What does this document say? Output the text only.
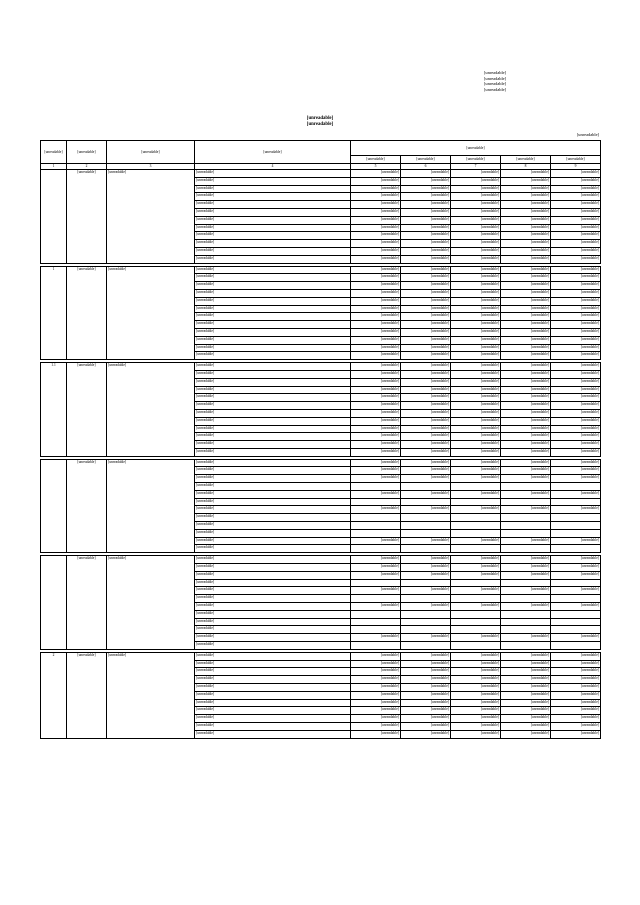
[unreadable]
[unreadable]
[unreadable]
[unreadable]
[unreadable]
[unreadable]
[unreadable]
[unreadable]	[unreadable]	[unreadable]	[unreadable]	[unreadable]				
				[unreadable]	[unreadable]	[unreadable]	[unreadable]	[unreadable]
1	2	3	4	5	6	7	8	9
	[unreadable]	[unreadable]	[unreadable]	[unreadable]	[unreadable]	[unreadable]	[unreadable]	[unreadable]
			[unreadable]	[unreadable]	[unreadable]	[unreadable]	[unreadable]	[unreadable]
			[unreadable]	[unreadable]	[unreadable]	[unreadable]	[unreadable]	[unreadable]
			[unreadable]	[unreadable]	[unreadable]	[unreadable]	[unreadable]	[unreadable]
			[unreadable]	[unreadable]	[unreadable]	[unreadable]	[unreadable]	[unreadable]
			[unreadable]	[unreadable]	[unreadable]	[unreadable]	[unreadable]	[unreadable]
			[unreadable]	[unreadable]	[unreadable]	[unreadable]	[unreadable]	[unreadable]
			[unreadable]	[unreadable]	[unreadable]	[unreadable]	[unreadable]	[unreadable]
			[unreadable]	[unreadable]	[unreadable]	[unreadable]	[unreadable]	[unreadable]
			[unreadable]	[unreadable]	[unreadable]	[unreadable]	[unreadable]	[unreadable]
			[unreadable]	[unreadable]	[unreadable]	[unreadable]	[unreadable]	[unreadable]
			[unreadable]	[unreadable]	[unreadable]	[unreadable]	[unreadable]	[unreadable]

1	[unreadable]	[unreadable]	[unreadable]	[unreadable]	[unreadable]	[unreadable]	[unreadable]	[unreadable]
			[unreadable]	[unreadable]	[unreadable]	[unreadable]	[unreadable]	[unreadable]
			[unreadable]	[unreadable]	[unreadable]	[unreadable]	[unreadable]	[unreadable]
			[unreadable]	[unreadable]	[unreadable]	[unreadable]	[unreadable]	[unreadable]
			[unreadable]	[unreadable]	[unreadable]	[unreadable]	[unreadable]	[unreadable]
			[unreadable]	[unreadable]	[unreadable]	[unreadable]	[unreadable]	[unreadable]
			[unreadable]	[unreadable]	[unreadable]	[unreadable]	[unreadable]	[unreadable]
			[unreadable]	[unreadable]	[unreadable]	[unreadable]	[unreadable]	[unreadable]
			[unreadable]	[unreadable]	[unreadable]	[unreadable]	[unreadable]	[unreadable]
			[unreadable]	[unreadable]	[unreadable]	[unreadable]	[unreadable]	[unreadable]
			[unreadable]	[unreadable]	[unreadable]	[unreadable]	[unreadable]	[unreadable]
			[unreadable]	[unreadable]	[unreadable]	[unreadable]	[unreadable]	[unreadable]

1.1	[unreadable]	[unreadable]	[unreadable]	[unreadable]	[unreadable]	[unreadable]	[unreadable]	[unreadable]
			[unreadable]	[unreadable]	[unreadable]	[unreadable]	[unreadable]	[unreadable]
			[unreadable]	[unreadable]	[unreadable]	[unreadable]	[unreadable]	[unreadable]
			[unreadable]	[unreadable]	[unreadable]	[unreadable]	[unreadable]	[unreadable]
			[unreadable]	[unreadable]	[unreadable]	[unreadable]	[unreadable]	[unreadable]
			[unreadable]	[unreadable]	[unreadable]	[unreadable]	[unreadable]	[unreadable]
			[unreadable]	[unreadable]	[unreadable]	[unreadable]	[unreadable]	[unreadable]
			[unreadable]	[unreadable]	[unreadable]	[unreadable]	[unreadable]	[unreadable]
			[unreadable]	[unreadable]	[unreadable]	[unreadable]	[unreadable]	[unreadable]
			[unreadable]	[unreadable]	[unreadable]	[unreadable]	[unreadable]	[unreadable]
			[unreadable]	[unreadable]	[unreadable]	[unreadable]	[unreadable]	[unreadable]
			[unreadable]	[unreadable]	[unreadable]	[unreadable]	[unreadable]	[unreadable]

	[unreadable]	[unreadable]	[unreadable]	[unreadable]	[unreadable]	[unreadable]	[unreadable]	[unreadable]
			[unreadable]	[unreadable]	[unreadable]	[unreadable]	[unreadable]	[unreadable]
			[unreadable]	[unreadable]	[unreadable]	[unreadable]	[unreadable]	[unreadable]
			[unreadable]					
			[unreadable]	[unreadable]	[unreadable]	[unreadable]	[unreadable]	[unreadable]
			[unreadable]					
			[unreadable]	[unreadable]	[unreadable]	[unreadable]	[unreadable]	[unreadable]
			[unreadable]					
			[unreadable]					
			[unreadable]					
			[unreadable]	[unreadable]	[unreadable]	[unreadable]	[unreadable]	[unreadable]
			[unreadable]					

	[unreadable]	[unreadable]	[unreadable]	[unreadable]	[unreadable]	[unreadable]	[unreadable]	[unreadable]
			[unreadable]	[unreadable]	[unreadable]	[unreadable]	[unreadable]	[unreadable]
			[unreadable]	[unreadable]	[unreadable]	[unreadable]	[unreadable]	[unreadable]
			[unreadable]					
			[unreadable]	[unreadable]	[unreadable]	[unreadable]	[unreadable]	[unreadable]
			[unreadable]					
			[unreadable]	[unreadable]	[unreadable]	[unreadable]	[unreadable]	[unreadable]
			[unreadable]					
			[unreadable]					
			[unreadable]					
			[unreadable]	[unreadable]	[unreadable]	[unreadable]	[unreadable]	[unreadable]
			[unreadable]					

2	[unreadable]	[unreadable]	[unreadable]	[unreadable]	[unreadable]	[unreadable]	[unreadable]	[unreadable]
			[unreadable]	[unreadable]	[unreadable]	[unreadable]	[unreadable]	[unreadable]
			[unreadable]	[unreadable]	[unreadable]	[unreadable]	[unreadable]	[unreadable]
			[unreadable]	[unreadable]	[unreadable]	[unreadable]	[unreadable]	[unreadable]
			[unreadable]	[unreadable]	[unreadable]	[unreadable]	[unreadable]	[unreadable]
			[unreadable]	[unreadable]	[unreadable]	[unreadable]	[unreadable]	[unreadable]
			[unreadable]	[unreadable]	[unreadable]	[unreadable]	[unreadable]	[unreadable]
			[unreadable]	[unreadable]	[unreadable]	[unreadable]	[unreadable]	[unreadable]
			[unreadable]	[unreadable]	[unreadable]	[unreadable]	[unreadable]	[unreadable]
			[unreadable]	[unreadable]	[unreadable]	[unreadable]	[unreadable]	[unreadable]
			[unreadable]	[unreadable]	[unreadable]	[unreadable]	[unreadable]	[unreadable]
